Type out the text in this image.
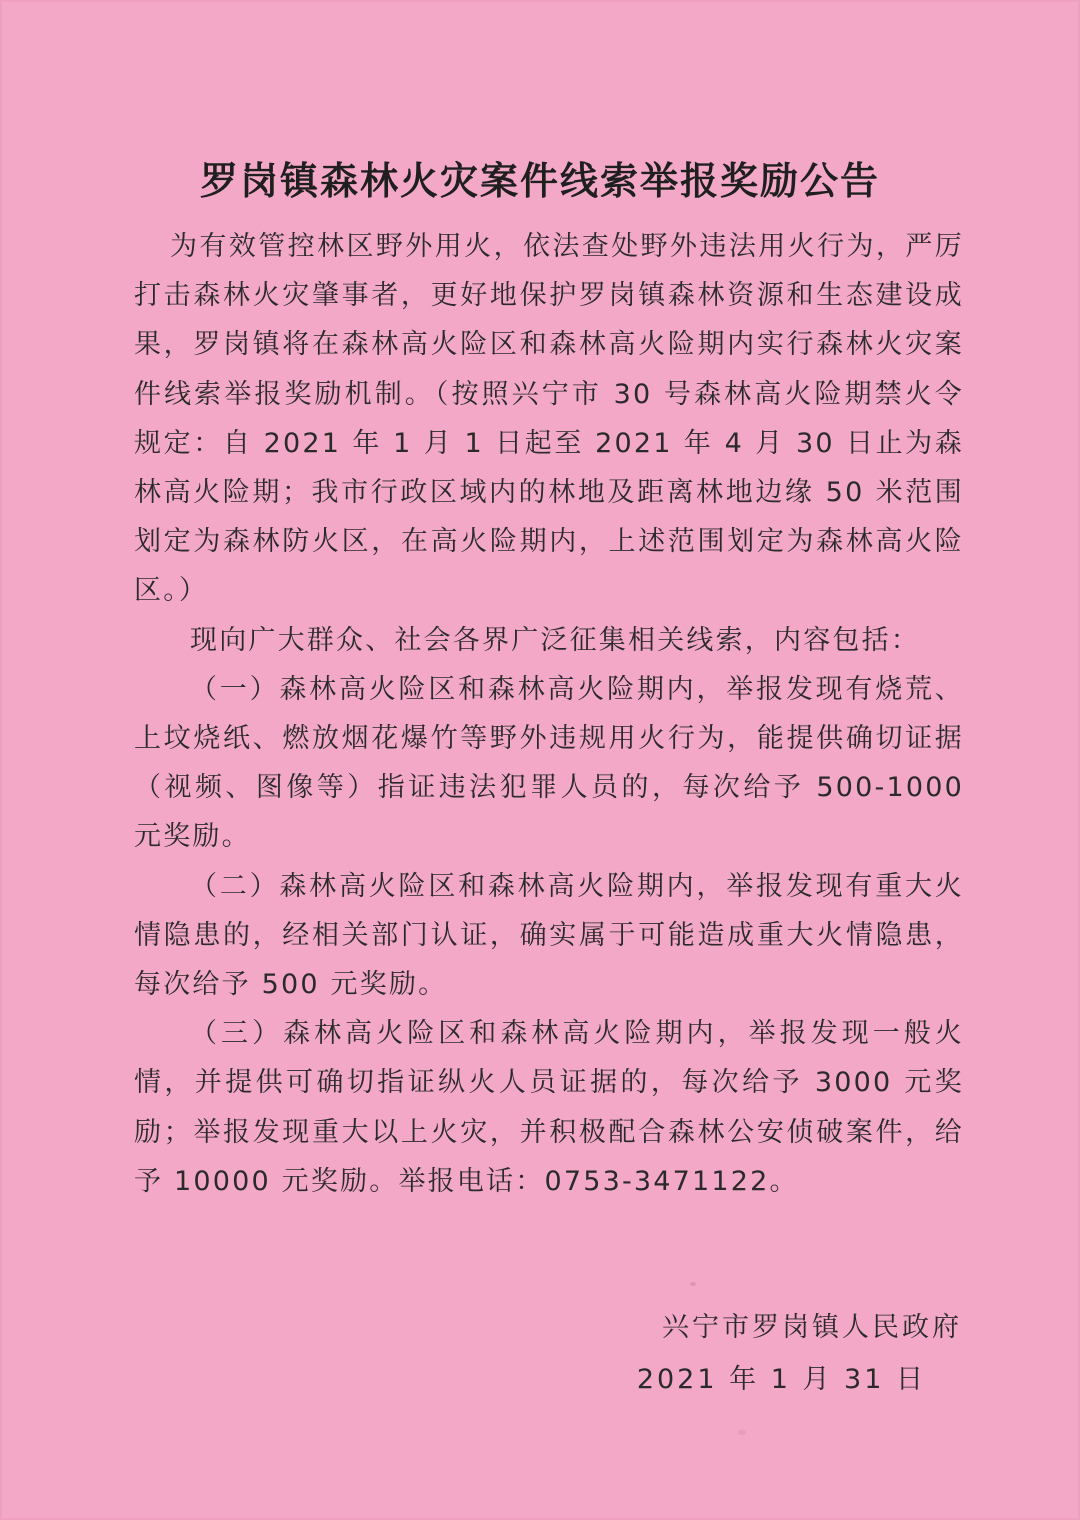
罗岗镇森林火灾案件线索举报奖励公告

为有效管控林区野外用火，依法查处野外违法用火行为，严厉打击森林火灾肇事者，更好地保护罗岗镇森林资源和生态建设成果，罗岗镇将在森林高火险区和森林高火险期内实行森林火灾案件线索举报奖励机制。（按照兴宁市 30 号森林高火险期禁火令规定：自 2021 年 1 月 1 日起至 2021 年 4 月 30 日止为森林高火险期；我市行政区域内的林地及距离林地边缘 50 米范围划定为森林防火区，在高火险期内，上述范围划定为森林高火险区。）

现向广大群众、社会各界广泛征集相关线索，内容包括：

（一）森林高火险区和森林高火险期内，举报发现有烧荒、上坟烧纸、燃放烟花爆竹等野外违规用火行为，能提供确切证据（视频、图像等）指证违法犯罪人员的，每次给予 500-1000 元奖励。

（二）森林高火险区和森林高火险期内，举报发现有重大火情隐患的，经相关部门认证，确实属于可能造成重大火情隐患，每次给予 500 元奖励。

（三）森林高火险区和森林高火险期内，举报发现一般火情，并提供可确切指证纵火人员证据的，每次给予 3000 元奖励；举报发现重大以上火灾，并积极配合森林公安侦破案件，给予 10000 元奖励。举报电话：0753-3471122。

兴宁市罗岗镇人民政府
2021 年 1 月 31 日
